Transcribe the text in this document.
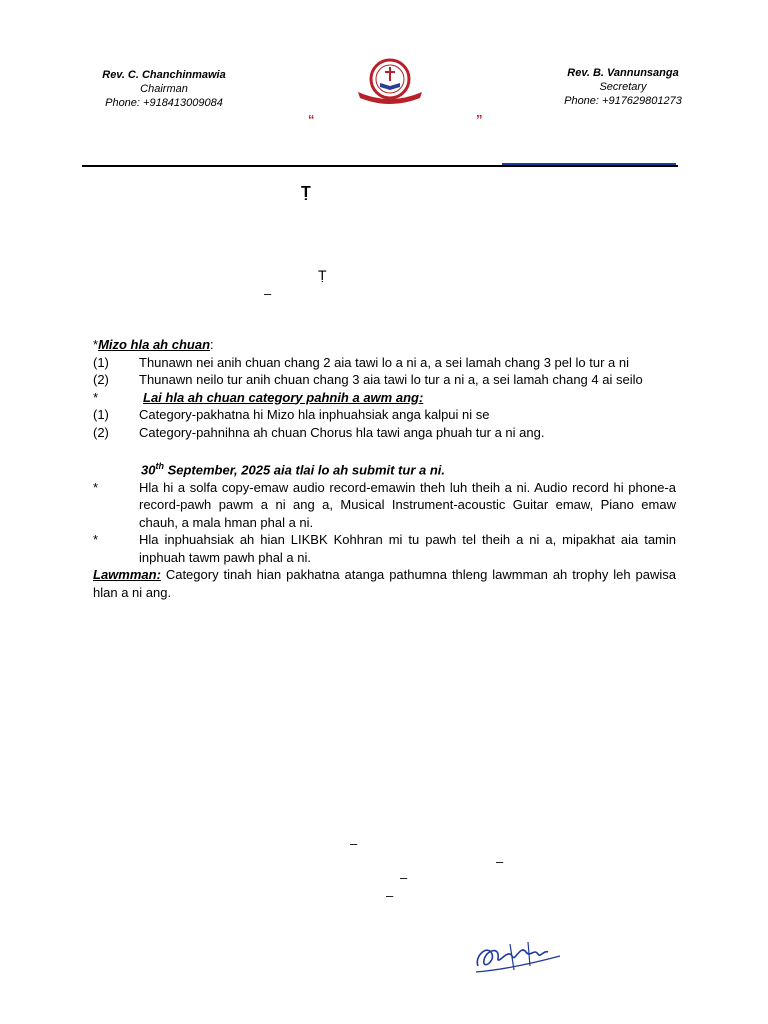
Rev. C. Chanchinmawia
Chairman
Phone: +918413009084
Rev. B. Vannunsanga
Secretary
Phone: +917629801273
“	”
Ṭ
Ṭ
–
*Mizo hla ah chuan:
(1)	Thunawn nei anih chuan chang 2 aia tawi lo a ni a, a sei lamah chang 3 pel lo tur a ni
(2)	Thunawn neilo tur anih chuan chang 3 aia tawi lo tur a ni a, a sei lamah chang 4 ai seilo
*	Lai hla ah chuan category pahnih a awm ang:
(1)	Category-pakhatna hi Mizo hla inphuahsiak anga kalpui ni se
(2)	Category-pahnihna ah chuan Chorus hla tawi anga phuah tur a ni ang.
30th September, 2025 aia tlai lo ah submit tur a ni.
*	Hla hi a solfa copy-emaw audio record-emawin theh luh theih a ni. Audio record hi phone-a record-pawh pawm a ni ang a, Musical Instrument-acoustic Guitar emaw, Piano emaw chauh, a mala hman phal a ni.
*	Hla inphuahsiak ah hian LIKBK Kohhran mi tu pawh tel theih a ni a, mipakhat aia tamin inphuah tawm pawh phal a ni.
Lawmman: Category tinah hian pakhatna atanga pathumna thleng lawmman ah trophy leh pawisa hlan a ni ang.
–
–
–
–
